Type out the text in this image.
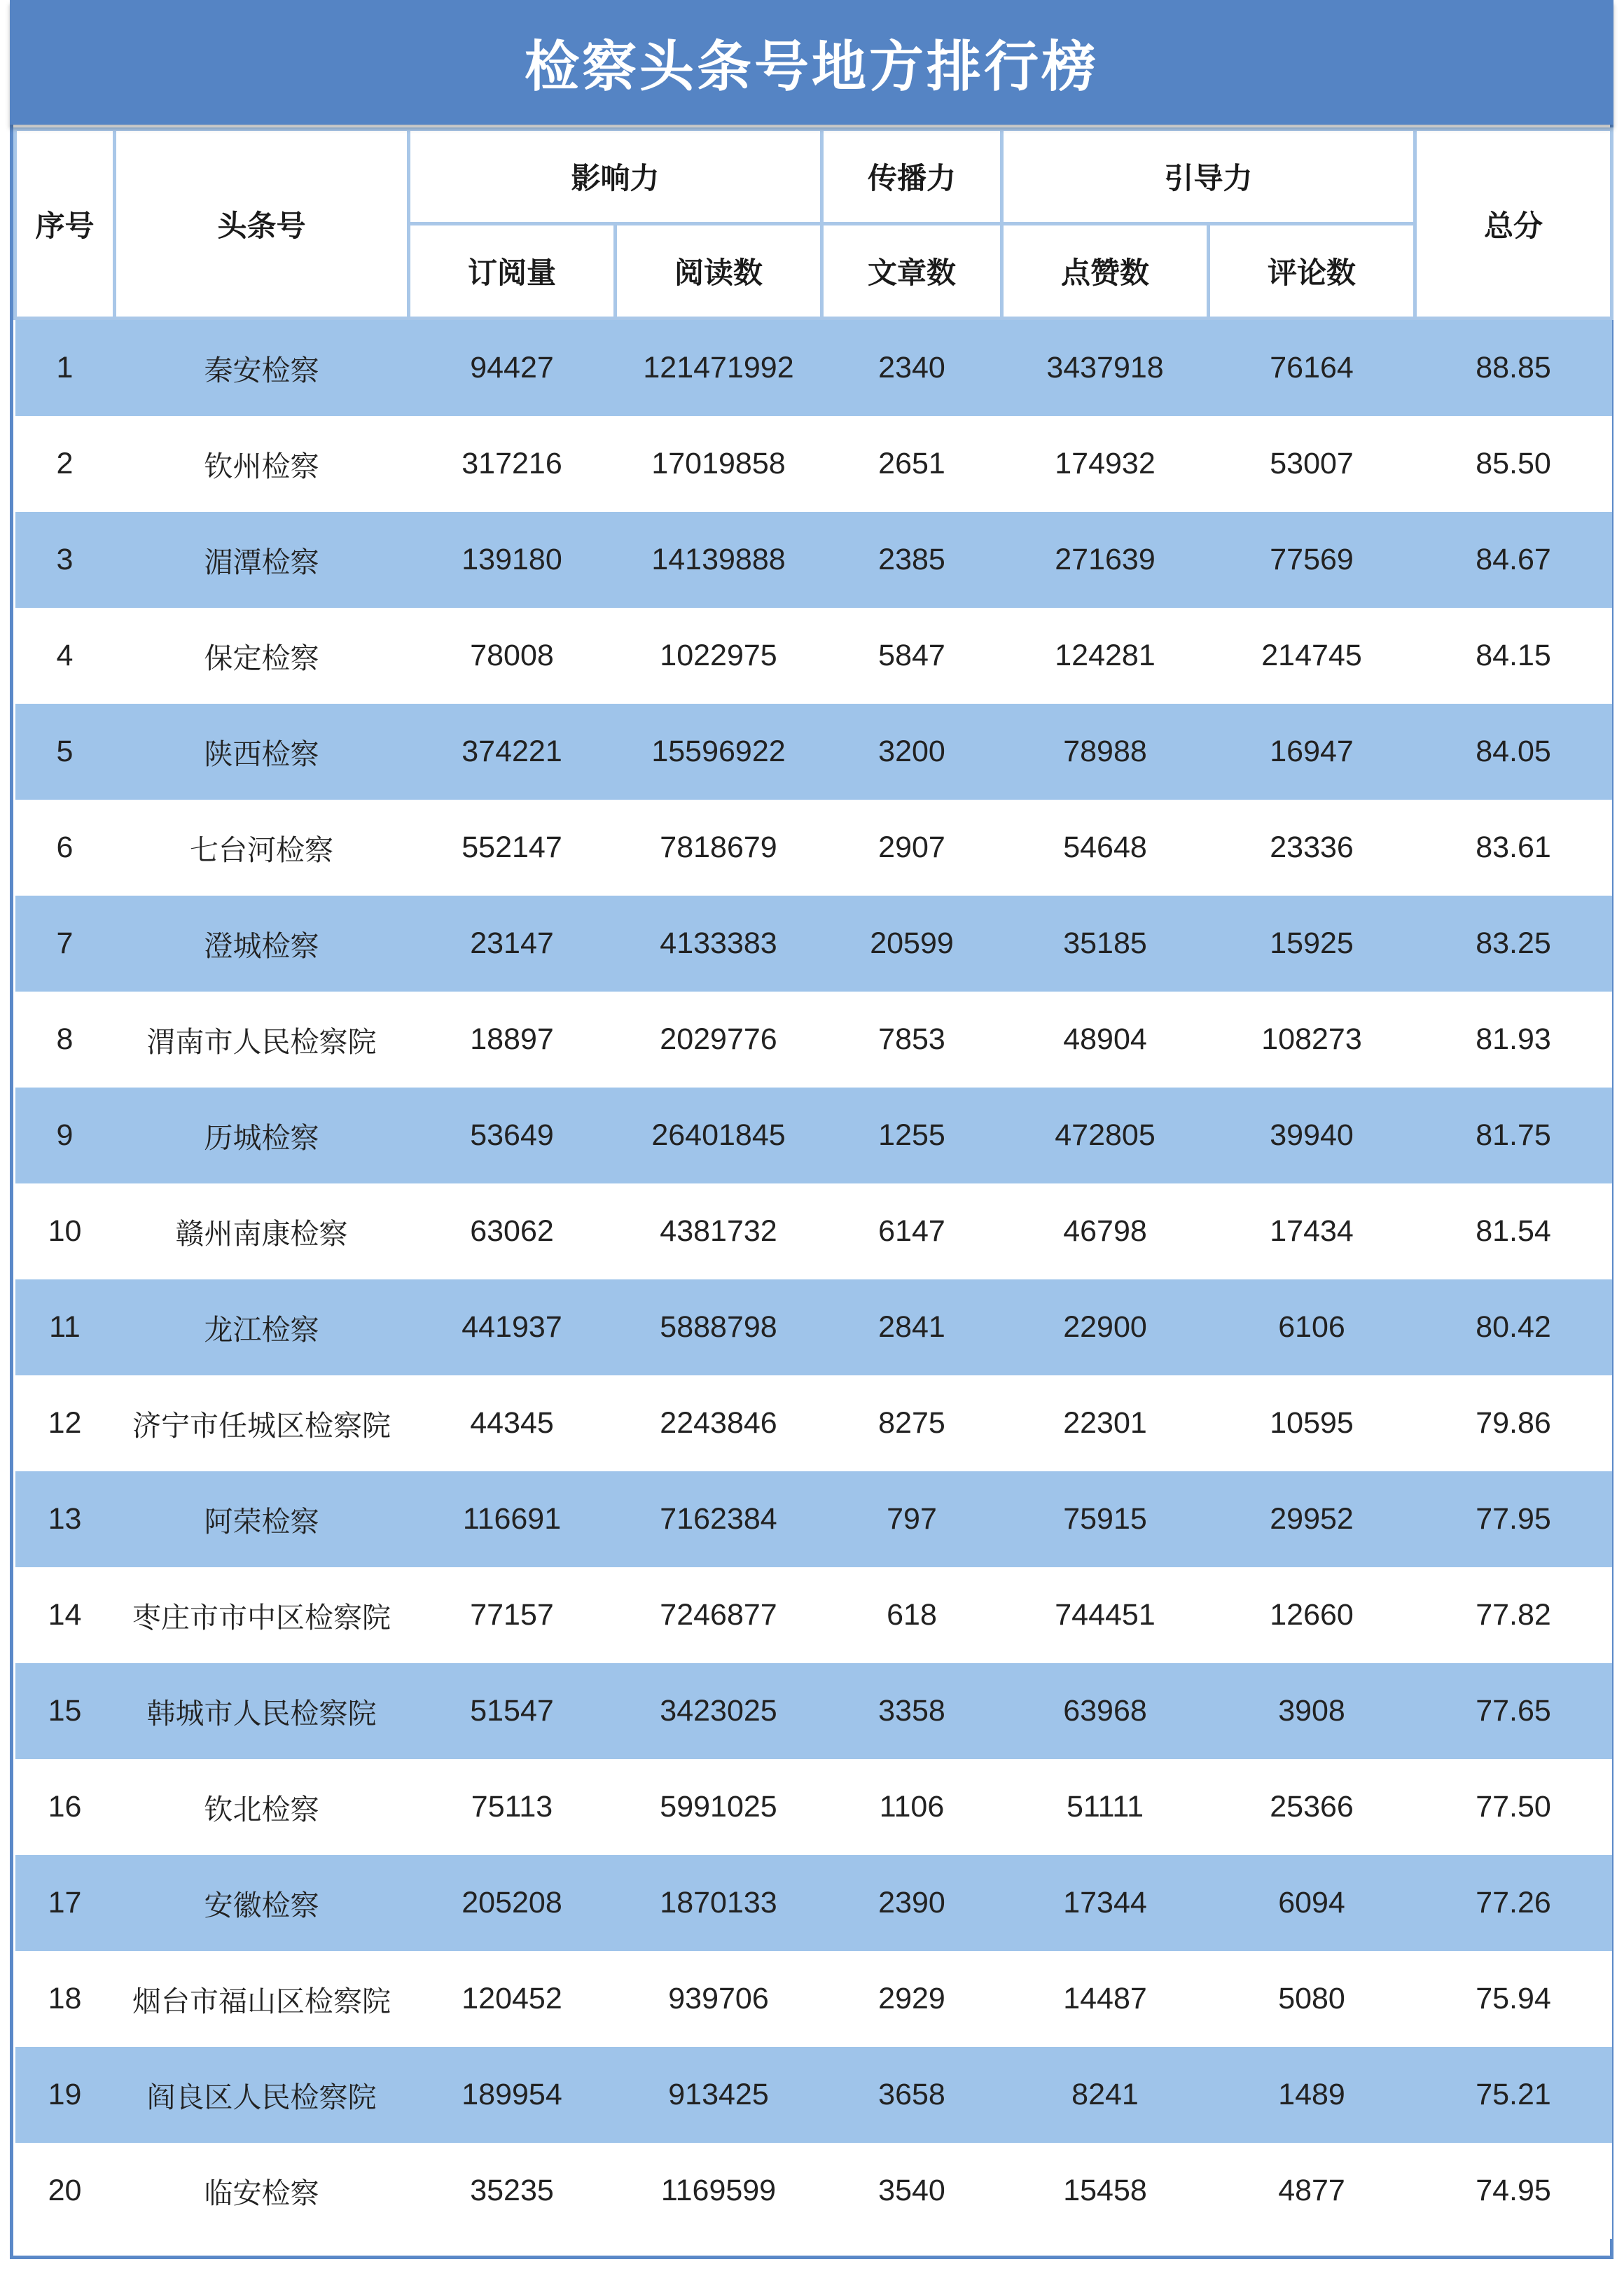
检察头条号地方排行榜
序号	头条号	影响力		传播力	引导力		总分
		订阅量	阅读数	文章数	点赞数	评论数	
1	秦安检察	94427	121471992	2340	3437918	76164	88.85
2	钦州检察	317216	17019858	2651	174932	53007	85.50
3	湄潭检察	139180	14139888	2385	271639	77569	84.67
4	保定检察	78008	1022975	5847	124281	214745	84.15
5	陕西检察	374221	15596922	3200	78988	16947	84.05
6	七台河检察	552147	7818679	2907	54648	23336	83.61
7	澄城检察	23147	4133383	20599	35185	15925	83.25
8	渭南市人民检察院	18897	2029776	7853	48904	108273	81.93
9	历城检察	53649	26401845	1255	472805	39940	81.75
10	赣州南康检察	63062	4381732	6147	46798	17434	81.54
11	龙江检察	441937	5888798	2841	22900	6106	80.42
12	济宁市任城区检察院	44345	2243846	8275	22301	10595	79.86
13	阿荣检察	116691	7162384	797	75915	29952	77.95
14	枣庄市市中区检察院	77157	7246877	618	744451	12660	77.82
15	韩城市人民检察院	51547	3423025	3358	63968	3908	77.65
16	钦北检察	75113	5991025	1106	51111	25366	77.50
17	安徽检察	205208	1870133	2390	17344	6094	77.26
18	烟台市福山区检察院	120452	939706	2929	14487	5080	75.94
19	阎良区人民检察院	189954	913425	3658	8241	1489	75.21
20	临安检察	35235	1169599	3540	15458	4877	74.95
